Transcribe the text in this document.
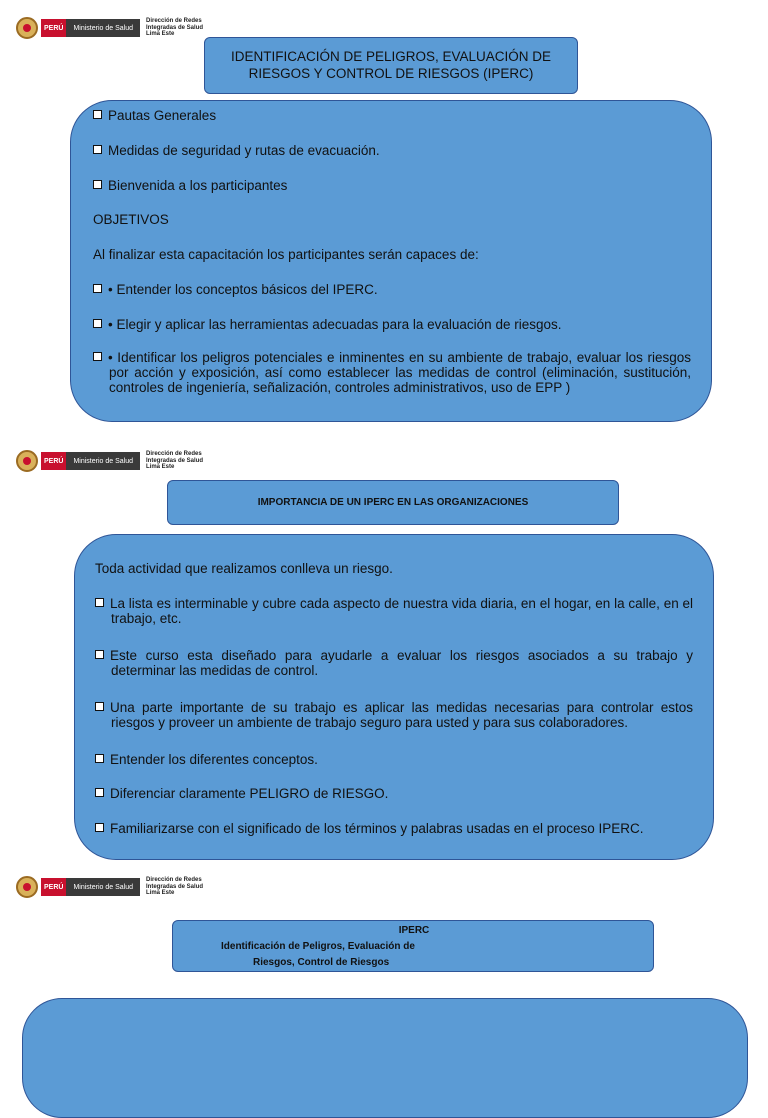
PERÚ	Ministerio de Salud
Dirección de Redes
Integradas de Salud
Lima Este
IDENTIFICACIÓN DE PELIGROS, EVALUACIÓN DE RIESGOS Y CONTROL DE RIESGOS (IPERC)
Pautas Generales
Medidas de seguridad y rutas de evacuación.
Bienvenida a los participantes
OBJETIVOS
Al finalizar esta capacitación los participantes serán capaces de:
• Entender los conceptos básicos del IPERC.
• Elegir y aplicar las herramientas adecuadas para la evaluación de riesgos.
• Identificar los peligros potenciales e inminentes en su ambiente de trabajo, evaluar los riesgos por acción y exposición, así como establecer las medidas de control (eliminación, sustitución, controles de ingeniería, señalización, controles administrativos, uso de EPP )
PERÚ	Ministerio de Salud
Dirección de Redes
Integradas de Salud
Lima Este
IMPORTANCIA DE UN IPERC EN LAS ORGANIZACIONES
Toda actividad que realizamos conlleva un riesgo.
La lista es interminable y cubre cada aspecto de nuestra vida diaria, en el hogar, en la calle, en el trabajo, etc.
Este curso esta diseñado para ayudarle a evaluar los riesgos asociados a su trabajo y determinar las medidas de control.
Una parte importante de su trabajo es aplicar las medidas necesarias para controlar estos riesgos y proveer un ambiente de trabajo seguro para usted y para sus colaboradores.
Entender los diferentes conceptos.
Diferenciar claramente PELIGRO de RIESGO.
Familiarizarse con el significado de los términos y palabras usadas en el proceso IPERC.
PERÚ	Ministerio de Salud
Dirección de Redes
Integradas de Salud
Lima Este
IPERC
Identificación de Peligros, Evaluación de
Riesgos, Control de Riesgos
